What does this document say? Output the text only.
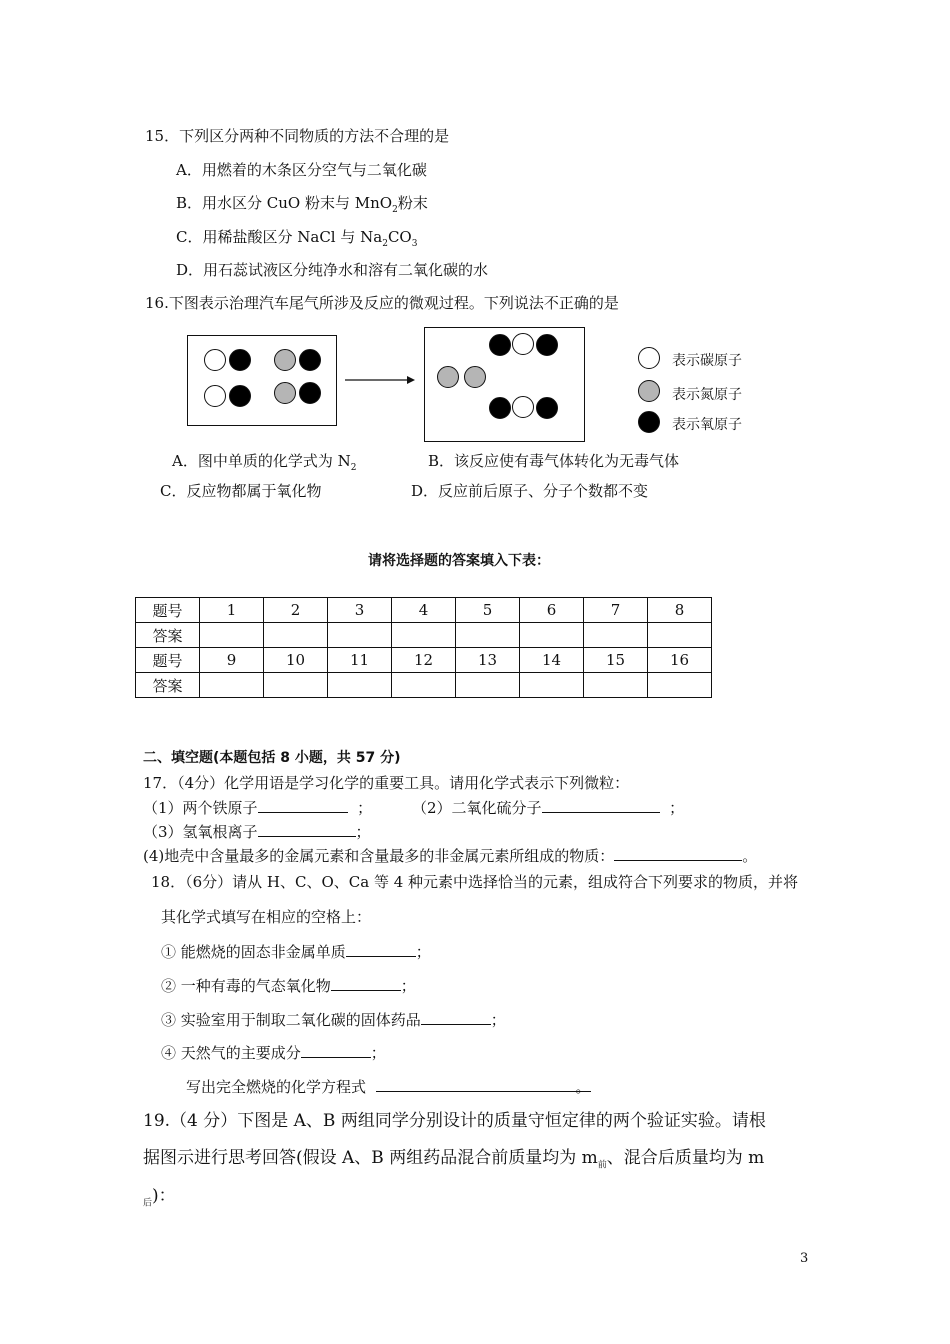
15．下列区分两种不同物质的方法不合理的是
A．用燃着的木条区分空气与二氧化碳
B．用水区分 CuO 粉末与 MnO$_2$粉末
C．用稀盐酸区分 NaCl 与 $Na_2CO_3$
D．用石蕊试液区分纯净水和溶有二氧化碳的水
16.下图表示治理汽车尾气所涉及反应的微观过程。下列说法不正确的是
表示碳原子
表示氮原子
表示氧原子
A．图中单质的化学式为 $N_2$	B．该反应使有毒气体转化为无毒气体
C．反应物都属于氧化物	D．反应前后原子、分子个数都不变
请将选择题的答案填入下表：
题号	1	2	3	4	5	6	7	8
答案								
题号	9	10	11	12	13	14	15	16
答案								
二、填空题(本题包括 8 小题，共 57 分)
17．（4分）化学用语是学习化学的重要工具。请用化学式表示下列微粒：
（1）两个铁原子	；	（2）二氧化硫分子	；
（3）氢氧根离子	；
(4)地壳中含量最多的金属元素和含量最多的非金属元素所组成的物质：	。
18．（6分）请从 H、C、O、Ca 等 4 种元素中选择恰当的元素，组成符合下列要求的物质，并将
其化学式填写在相应的空格上：
① 能燃烧的固态非金属单质	；
② 一种有毒的气态氧化物	；
③ 实验室用于制取二氧化碳的固体药品	；
④ 天然气的主要成分	；
写出完全燃烧的化学方程式	。
19.（4 分）下图是 A、B 两组同学分别设计的质量守恒定律的两个验证实验。请根
据图示进行思考回答(假设 A、B 两组药品混合前质量均为 $m_前$、混合后质量均为 m
$_后$)：
3
